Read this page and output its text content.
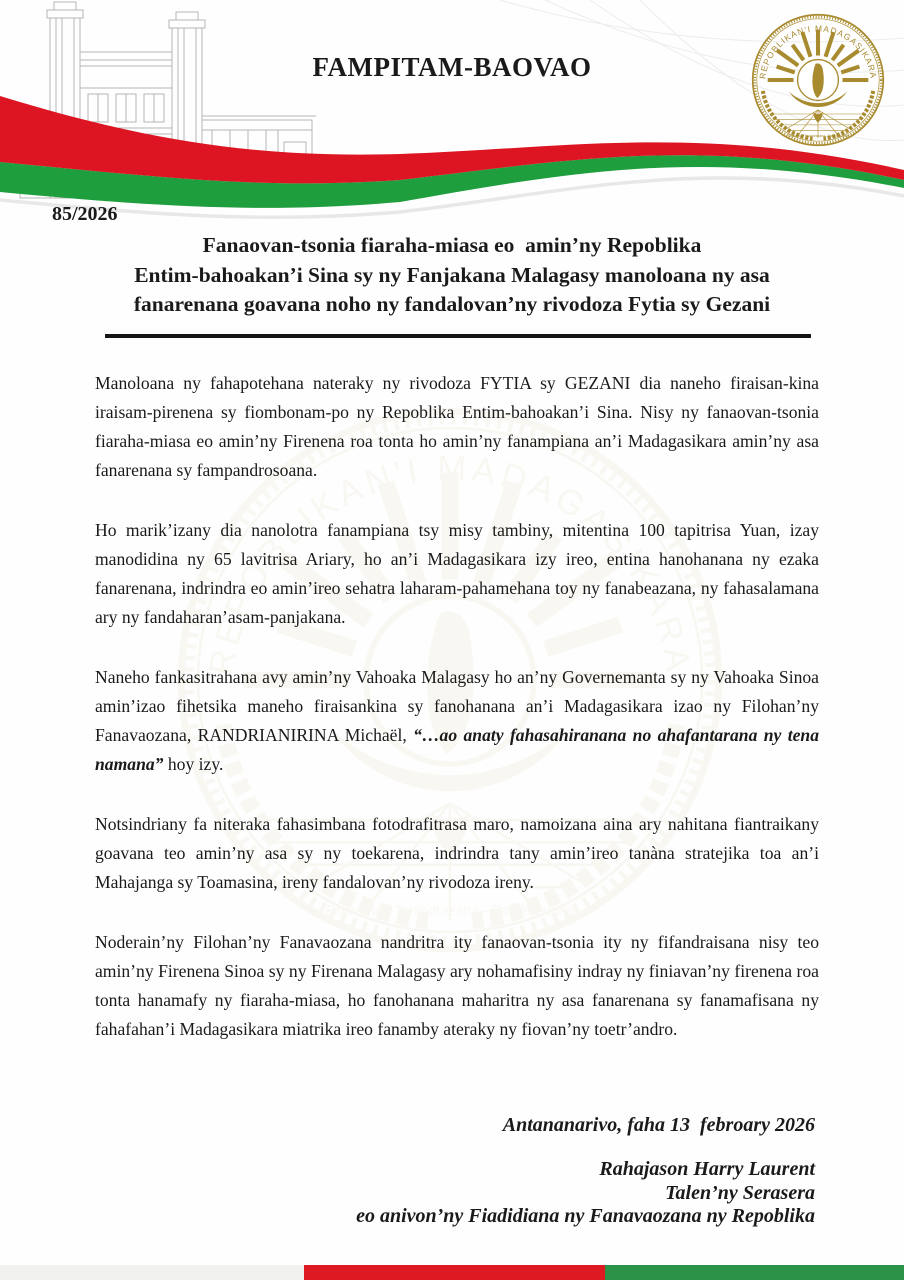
FAMPITAM-BAOVAO
85/2026
Fanaovan-tsonia fiaraha-miasa eo  amin’ny Repoblika
Entim-bahoakan’i Sina sy ny Fanjakana Malagasy manoloana ny asa
fanarenana goavana noho ny fandalovan’ny rivodoza Fytia sy Gezani

Manoloana ny fahapotehana nateraky ny rivodoza FYTIA sy GEZANI dia naneho firaisan-kina iraisam-pirenena sy fiombonam-po ny Repoblika Entim-bahoakan’i Sina. Nisy ny fanaovan-tsonia fiaraha-miasa eo amin’ny Firenena roa tonta ho amin’ny fanampiana an’i Madagasikara amin’ny asa fanarenana sy fampandrosoana.

Ho marik’izany dia nanolotra fanampiana tsy misy tambiny, mitentina 100 tapitrisa Yuan, izay manodidina ny 65 lavitrisa Ariary, ho an’i Madagasikara izy ireo, entina hanohanana ny ezaka fanarenana, indrindra eo amin’ireo sehatra laharam-pahamehana toy ny fanabeazana, ny fahasalamana ary ny fandaharan’asam-panjakana.

Naneho fankasitrahana avy amin’ny Vahoaka Malagasy ho an’ny Governemanta sy ny Vahoaka Sinoa amin’izao fihetsika maneho firaisankina sy fanohanana an’i Madagasikara izao ny Filohan’ny Fanavaozana, RANDRIANIRINA Michaël, “…ao anaty fahasahiranana no ahafantarana ny tena namana” hoy izy.

Notsindriany fa niteraka fahasimbana fotodrafitrasa maro, namoizana aina ary nahitana fiantraikany goavana teo amin’ny asa sy ny toekarena, indrindra tany amin’ireo tanàna stratejika toa an’i Mahajanga sy Toamasina, ireny fandalovan’ny rivodoza ireny.

Noderain’ny Filohan’ny Fanavaozana nandritra ity fanaovan-tsonia ity ny fifandraisana nisy teo amin’ny Firenena Sinoa sy ny Firenana Malagasy ary nohamafisiny indray ny finiavan’ny firenena roa tonta hanamafy ny fiaraha-miasa, ho fanohanana maharitra ny asa fanarenana sy fanamafisana ny fahafahan’i Madagasikara miatrika ireo fanamby ateraky ny fiovan’ny toetr’andro.

Antananarivo, faha 13  febroary 2026
Rahajason Harry Laurent
Talen’ny Serasera
eo anivon’ny Fiadidiana ny Fanavaozana ny Repoblika
